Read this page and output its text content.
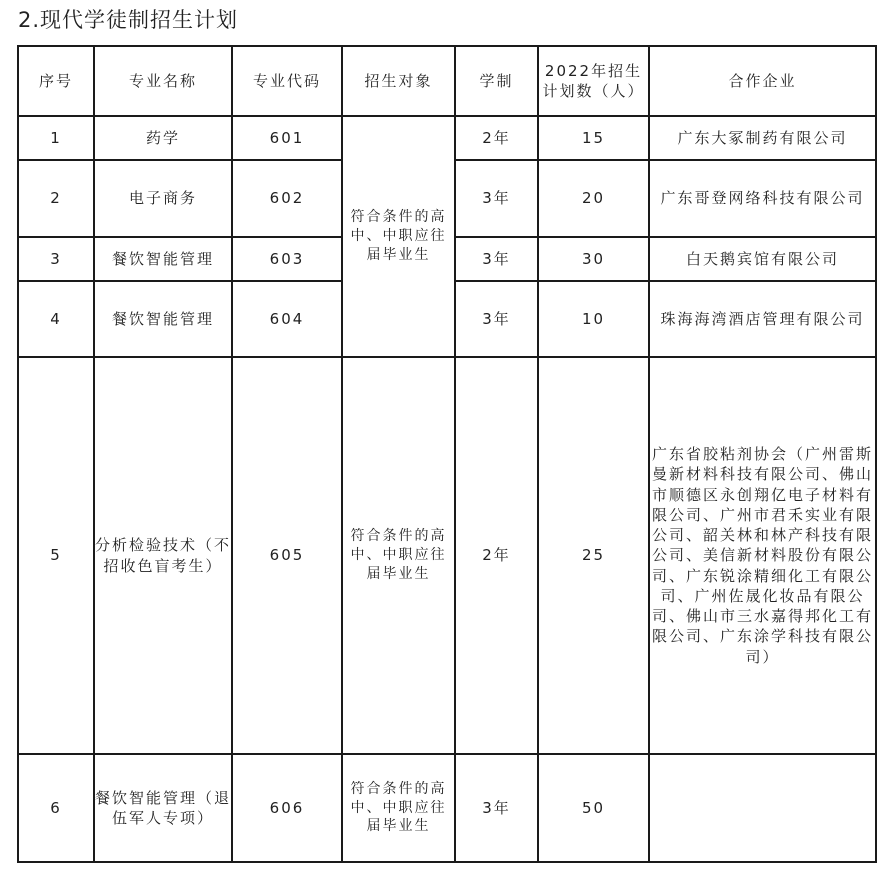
2.现代学徒制招生计划
序号	专业名称	专业代码	招生对象	学制	2022年招生计划数（人）	合作企业
1	药学	601	符合条件的高中、中职应往届毕业生	2年	15	广东大冢制药有限公司
2	电子商务	602		3年	20	广东哥登网络科技有限公司
3	餐饮智能管理	603		3年	30	白天鹅宾馆有限公司
4	餐饮智能管理	604		3年	10	珠海海湾酒店管理有限公司
5	分析检验技术（不招收色盲考生）	605	符合条件的高中、中职应往届毕业生	2年	25	广东省胶粘剂协会（广州雷斯曼新材料科技有限公司、佛山市顺德区永创翔亿电子材料有限公司、广州市君禾实业有限公司、韶关林和林产科技有限公司、美信新材料股份有限公司、广东锐涂精细化工有限公司、广州佐晟化妆品有限公司、佛山市三水嘉得邦化工有限公司、广东涂学科技有限公司）
6	餐饮智能管理（退伍军人专项）	606	符合条件的高中、中职应往届毕业生	3年	50	
